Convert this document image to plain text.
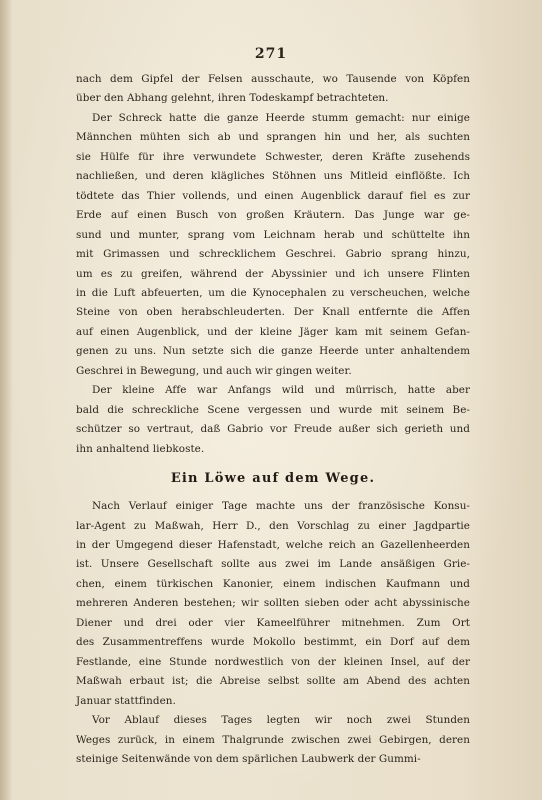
271

nach dem Gipfel der Felsen ausschaute, wo Tausende von Köpfen
über den Abhang gelehnt, ihren Todeskampf betrachteten.

Der Schreck hatte die ganze Heerde stumm gemacht: nur einige
Männchen mühten sich ab und sprangen hin und her, als suchten
sie Hülfe für ihre verwundete Schwester, deren Kräfte zusehends
nachließen, und deren klägliches Stöhnen uns Mitleid einflößte. Ich
tödtete das Thier vollends, und einen Augenblick darauf fiel es zur
Erde auf einen Busch von großen Kräutern. Das Junge war ge-
sund und munter, sprang vom Leichnam herab und schüttelte ihn
mit Grimassen und schrecklichem Geschrei. Gabrio sprang hinzu,
um es zu greifen, während der Abyssinier und ich unsere Flinten
in die Luft abfeuerten, um die Kynocephalen zu verscheuchen, welche
Steine von oben herabschleuderten. Der Knall entfernte die Affen
auf einen Augenblick, und der kleine Jäger kam mit seinem Gefan-
genen zu uns. Nun setzte sich die ganze Heerde unter anhaltendem
Geschrei in Bewegung, und auch wir gingen weiter.

Der kleine Affe war Anfangs wild und mürrisch, hatte aber
bald die schreckliche Scene vergessen und wurde mit seinem Be-
schützer so vertraut, daß Gabrio vor Freude außer sich gerieth und
ihn anhaltend liebkoste.

Ein Löwe auf dem Wege.

Nach Verlauf einiger Tage machte uns der französische Konsu-
lar-Agent zu Maßwah, Herr D., den Vorschlag zu einer Jagdpartie
in der Umgegend dieser Hafenstadt, welche reich an Gazellenheerden
ist. Unsere Gesellschaft sollte aus zwei im Lande ansäßigen Grie-
chen, einem türkischen Kanonier, einem indischen Kaufmann und
mehreren Anderen bestehen; wir sollten sieben oder acht abyssinische
Diener und drei oder vier Kameelführer mitnehmen. Zum Ort
des Zusammentreffens wurde Mokollo bestimmt, ein Dorf auf dem
Festlande, eine Stunde nordwestlich von der kleinen Insel, auf der
Maßwah erbaut ist; die Abreise selbst sollte am Abend des achten
Januar stattfinden.

Vor Ablauf dieses Tages legten wir noch zwei Stunden
Weges zurück, in einem Thalgrunde zwischen zwei Gebirgen, deren
steinige Seitenwände von dem spärlichen Laubwerk der Gummi-
